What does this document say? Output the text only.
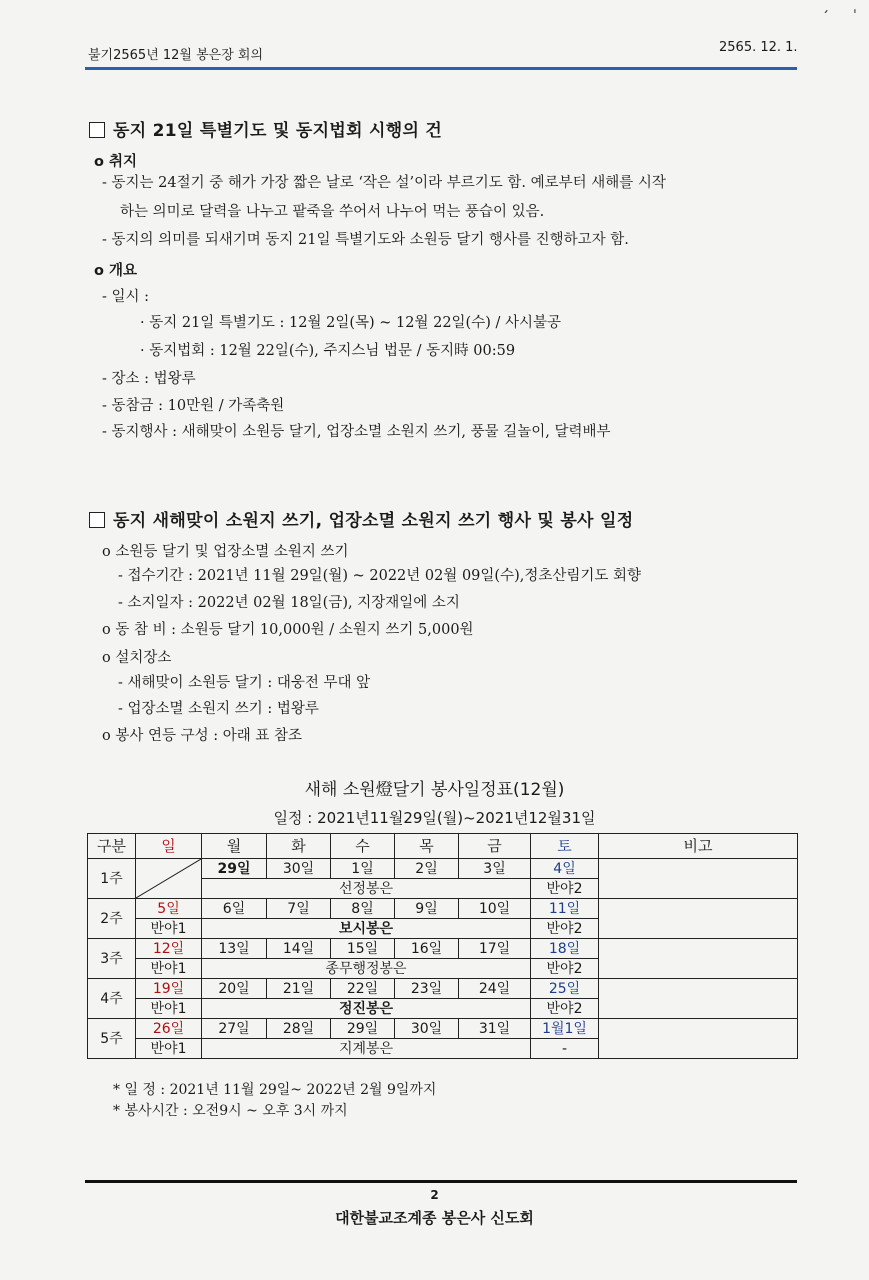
불기2565년 12월 봉은장 회의
2565. 12. 1.
ˊ ˈ
동지 21일 특별기도 및 동지법회 시행의 건
o 취지
- 동지는 24절기 중 해가 가장 짧은 날로 ‘작은 설’이라 부르기도 함. 예로부터 새해를 시작
하는 의미로 달력을 나누고 팥죽을 쑤어서 나누어 먹는 풍습이 있음.
- 동지의 의미를 되새기며 동지 21일 특별기도와 소원등 달기 행사를 진행하고자 함.
o 개요
- 일시 :
· 동지 21일 특별기도 : 12월 2일(목) ~ 12월 22일(수) / 사시불공
· 동지법회 : 12월 22일(수), 주지스님 법문 / 동지時 00:59
- 장소 : 법왕루
- 동참금 : 10만원 / 가족축원
- 동지행사 : 새해맞이 소원등 달기, 업장소멸 소원지 쓰기, 풍물 길놀이, 달력배부
동지 새해맞이 소원지 쓰기, 업장소멸 소원지 쓰기 행사 및 봉사 일정
o 소원등 달기 및 업장소멸 소원지 쓰기
- 접수기간 : 2021년 11월 29일(월) ~ 2022년 02월 09일(수),정초산림기도 회향
- 소지일자 : 2022년 02월 18일(금), 지장재일에 소지
o 동 참 비 : 소원등 달기 10,000원 / 소원지 쓰기 5,000원
o 설치장소
- 새해맞이 소원등 달기 : 대웅전 무대 앞
- 업장소멸 소원지 쓰기 : 법왕루
o 봉사 연등 구성 : 아래 표 참조
새해 소원燈달기 봉사일정표(12월)
일정 : 2021년11월29일(월)~2021년12월31일
구분	일	월	화	수	목	금	토	비고
1주		29일	30일	1일	2일	3일	4일	
		선정봉은					반야2	
2주	5일	6일	7일	8일	9일	10일	11일	
	반야1	보시봉은					반야2	
3주	12일	13일	14일	15일	16일	17일	18일	
	반야1	종무행정봉은					반야2	
4주	19일	20일	21일	22일	23일	24일	25일	
	반야1	정진봉은					반야2	
5주	26일	27일	28일	29일	30일	31일	1월1일	
	반야1	지계봉은					-	
* 일 정 : 2021년 11월 29일~ 2022년 2월 9일까지
* 봉사시간 : 오전9시 ~ 오후 3시 까지
2
대한불교조계종 봉은사 신도회
